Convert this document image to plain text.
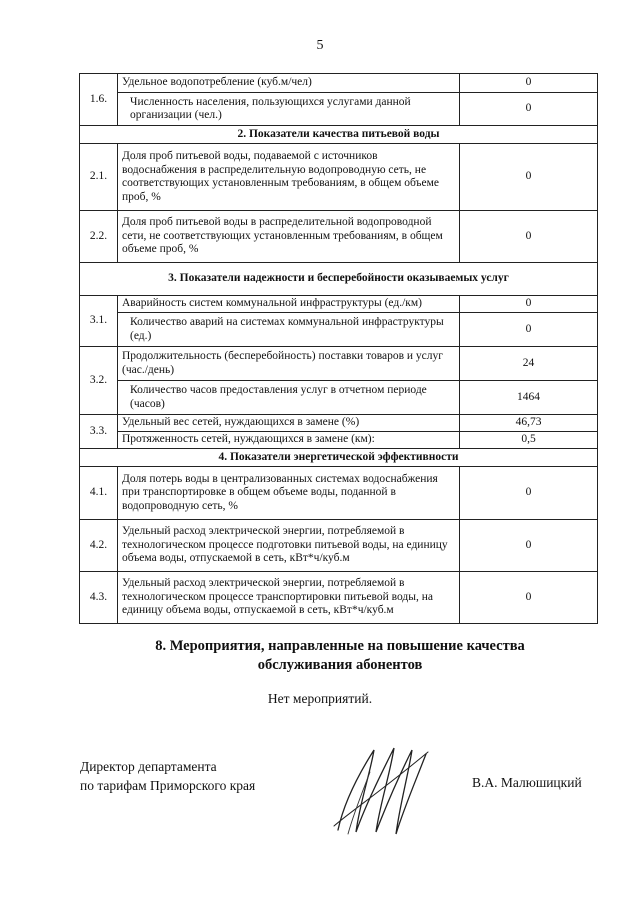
5
1.6.	Удельное водопотребление (куб.м/чел)	0
	Численность населения, пользующихся услугами данной организации (чел.)	0
2. Показатели качества питьевой воды		
2.1.	Доля проб питьевой воды, подаваемой с источников водоснабжения в распределительную водопроводную сеть, не соответствующих установленным требованиям, в общем объеме проб, %	0
2.2.	Доля проб питьевой воды в распределительной водопроводной сети, не соответствующих установленным требованиям, в общем объеме проб, %	0
3. Показатели надежности и бесперебойности оказываемых услуг		
3.1.	Аварийность систем коммунальной инфраструктуры (ед./км)	0
	Количество аварий на системах коммунальной инфраструктуры (ед.)	0
3.2.	Продолжительность (бесперебойность) поставки товаров и услуг (час./день)	24
	Количество часов предоставления услуг в отчетном периоде (часов)	1464
3.3.	Удельный вес сетей, нуждающихся в замене (%)	46,73
	Протяженность сетей, нуждающихся в замене (км):	0,5
4. Показатели энергетической эффективности		
4.1.	Доля потерь воды в централизованных системах водоснабжения при транспортировке в общем объеме воды, поданной в водопроводную сеть, %	0
4.2.	Удельный расход электрической энергии, потребляемой в технологическом процессе подготовки питьевой воды, на единицу объема воды, отпускаемой в сеть, кВт*ч/куб.м	0
4.3.	Удельный расход электрической энергии, потребляемой в технологическом процессе транспортировки питьевой воды, на единицу объема воды, отпускаемой в сеть, кВт*ч/куб.м	0
8. Мероприятия, направленные на повышение качества
обслуживания абонентов
Нет мероприятий.
Директор департамента
по тарифам Приморского края	В.А. Малюшицкий
